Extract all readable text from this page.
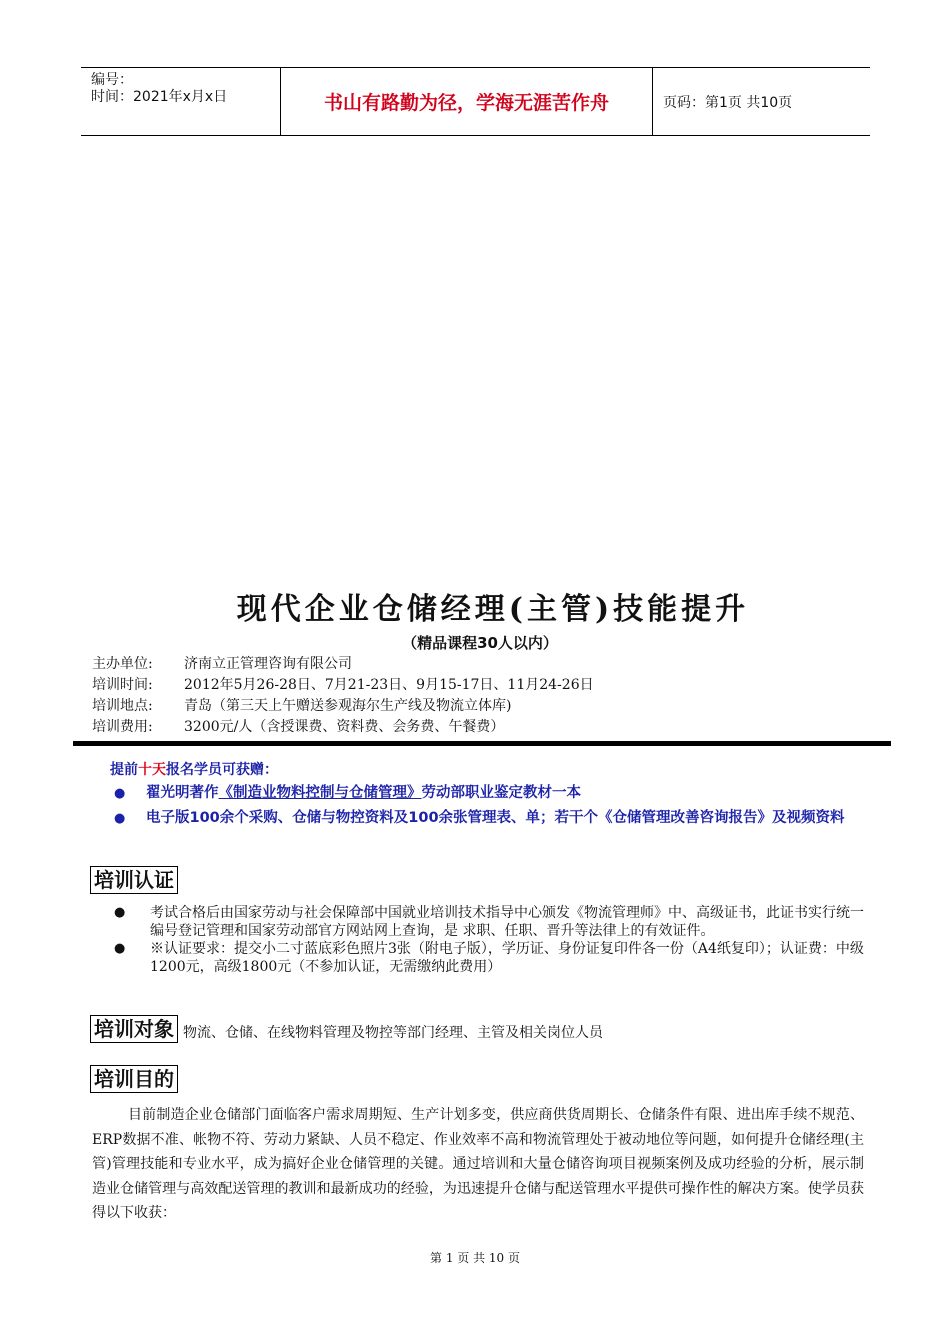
编号：
时间：2021年x月x日	书山有路勤为径，学海无涯苦作舟	页码：第1页 共10页
现代企业仓储经理(主管)技能提升
（精品课程30人以内）
主办单位:	济南立正管理咨询有限公司
培训时间:	2012年5月26-28日、7月21-23日、9月15-17日、11月24-26日
培训地点:	青岛（第三天上午赠送参观海尔生产线及物流立体库)
培训费用:	3200元/人（含授课费、资料费、会务费、午餐费）
提前十天报名学员可获赠：
●	翟光明著作《制造业物料控制与仓储管理》劳动部职业鉴定教材一本
●	电子版100余个采购、仓储与物控资料及100余张管理表、单；若干个《仓储管理改善咨询报告》及视频资料
培训认证
●	考试合格后由国家劳动与社会保障部中国就业培训技术指导中心颁发《物流管理师》中、高级证书，此证书实行统一编号登记管理和国家劳动部官方网站网上查询，是 求职、任职、晋升等法律上的有效证件。
●	※认证要求：提交小二寸蓝底彩色照片3张（附电子版），学历证、身份证复印件各一份（A4纸复印）；认证费：中级1200元，高级1800元（不参加认证，无需缴纳此费用）
培训对象 物流、仓储、在线物料管理及物控等部门经理、主管及相关岗位人员
培训目的
目前制造企业仓储部门面临客户需求周期短、生产计划多变，供应商供货周期长、仓储条件有限、进出库手续不规范、ERP数据不准、帐物不符、劳动力紧缺、人员不稳定、作业效率不高和物流管理处于被动地位等问题，如何提升仓储经理(主管)管理技能和专业水平，成为搞好企业仓储管理的关键。通过培训和大量仓储咨询项目视频案例及成功经验的分析，展示制造业仓储管理与高效配送管理的教训和最新成功的经验，为迅速提升仓储与配送管理水平提供可操作性的解决方案。使学员获得以下收获：
第 1 页 共 10 页
